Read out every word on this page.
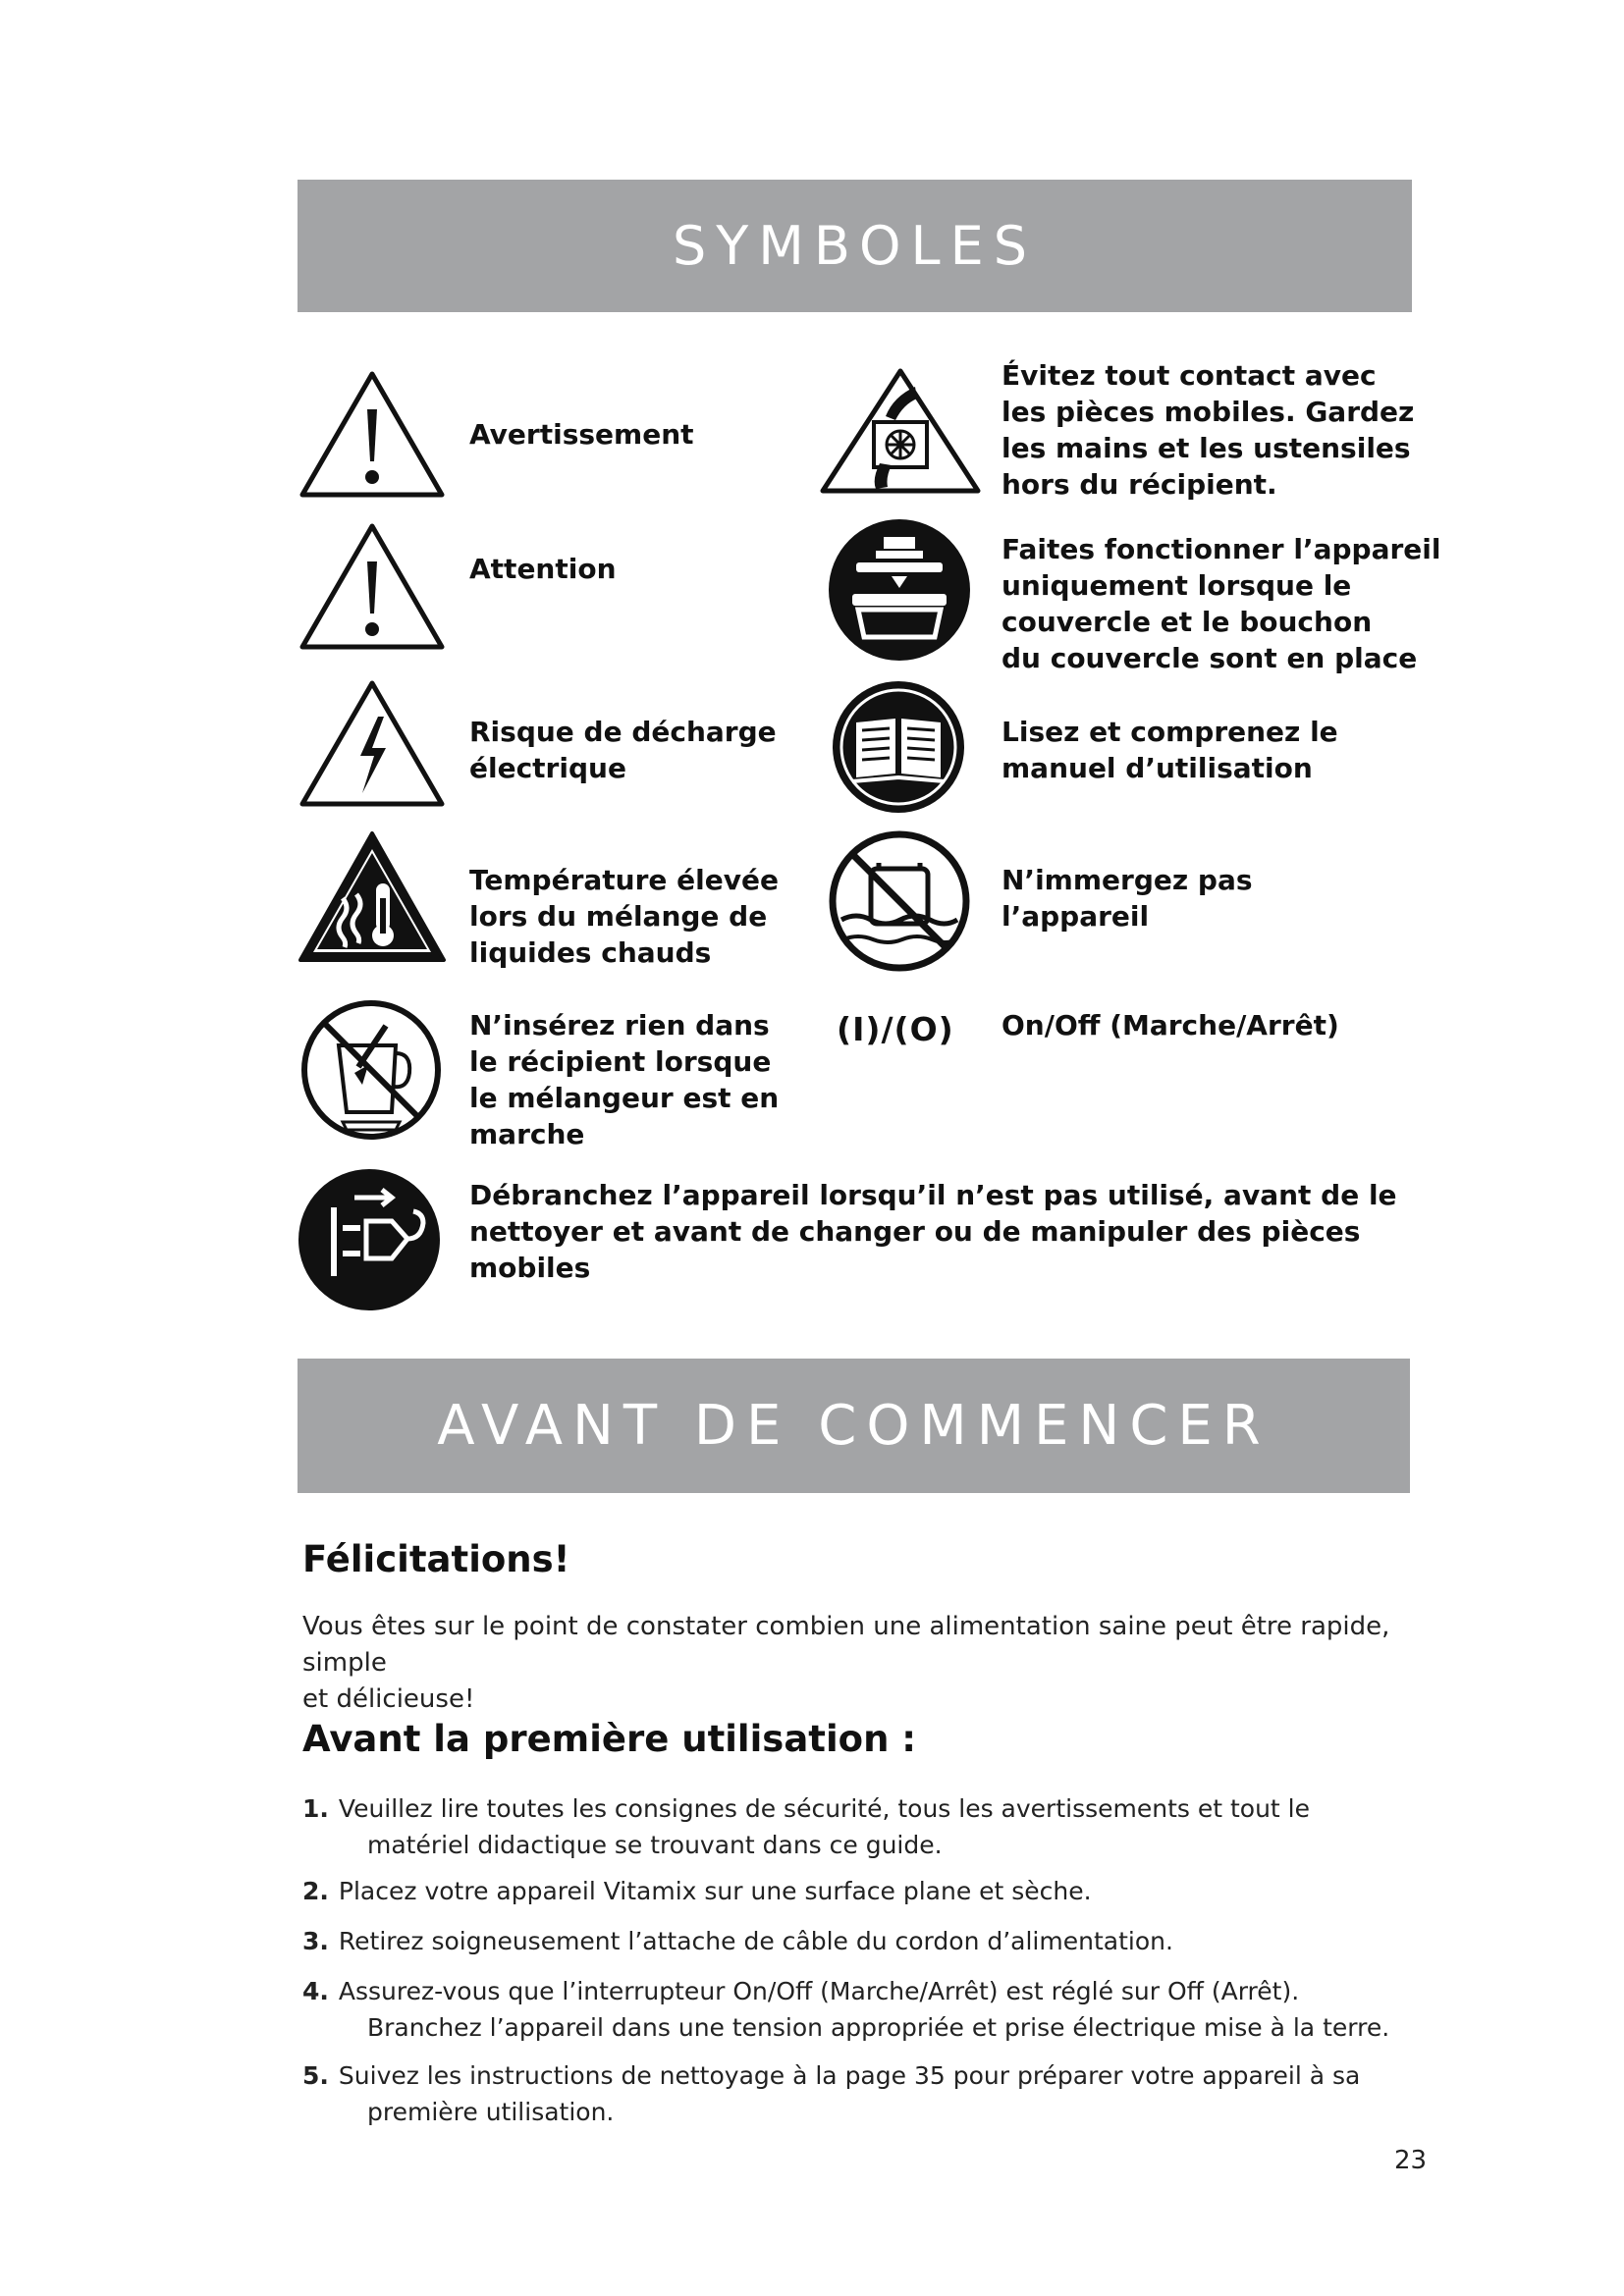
SYMBOLES
Avertissement
Attention
Risque de décharge
électrique
Température élevée
lors du mélange de
liquides chauds
N’insérez rien dans
le récipient lorsque
le mélangeur est en
marche
Débranchez l’appareil lorsqu’il n’est pas utilisé, avant de le
nettoyer et avant de changer ou de manipuler des pièces
mobiles
(I)/(O)
Évitez tout contact avec
les pièces mobiles. Gardez
les mains et les ustensiles
hors du récipient.
Faites fonctionner l’appareil
uniquement lorsque le
couvercle et le bouchon
du couvercle sont en place
Lisez et comprenez le
manuel d’utilisation
N’immergez pas
l’appareil
On/Off (Marche/Arrêt)
AVANT DE COMMENCER
Félicitations!

Vous êtes sur le point de constater combien une alimentation saine peut être rapide, simple
et délicieuse!

Avant la première utilisation :
1. Veuillez lire toutes les consignes de sécurité, tous les avertissements et tout le
matériel didactique se trouvant dans ce guide.
2. Placez votre appareil Vitamix sur une surface plane et sèche.
3. Retirez soigneusement l’attache de câble du cordon d’alimentation.
4. Assurez-vous que l’interrupteur On/Off (Marche/Arrêt) est réglé sur Off (Arrêt).
Branchez l’appareil dans une tension appropriée et prise électrique mise à la terre.
5. Suivez les instructions de nettoyage à la page 35 pour préparer votre appareil à sa
première utilisation.
23
